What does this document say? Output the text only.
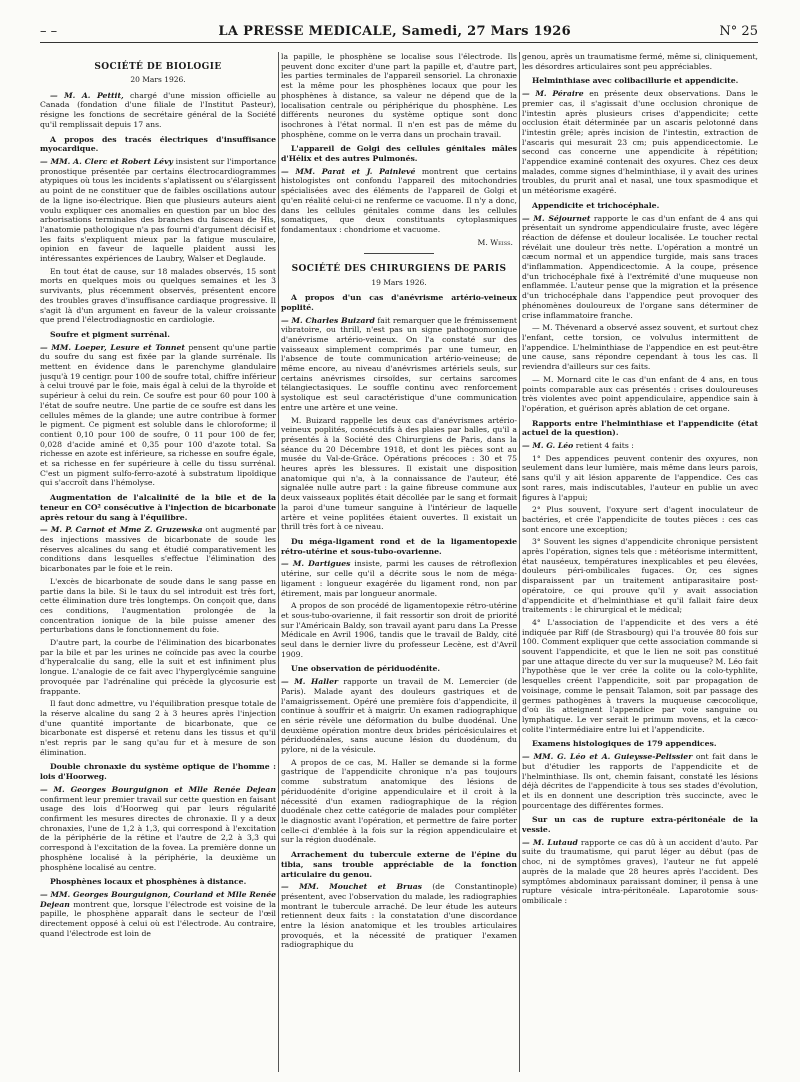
– –	LA PRESSE MEDICALE, Samedi, 27 Mars 1926	N° 25
SOCIÉTÉ DE BIOLOGIE
20 Mars 1926.

— M. A. Pettit, chargé d'une mission officielle au Canada (fondation d'une filiale de l'Institut Pasteur), résigne les fonctions de secrétaire général de la Société qu'il remplissait depuis 17 ans.

A propos des tracés électriques d'insuffisance myocardique.

— MM. A. Clerc et Robert Lévy insistent sur l'importance pronostique présentée par certains électrocardiogrammes atypiques où tous les incidents s'aplatissent ou s'élargissent au point de ne constituer que de faibles oscillations autour de la ligne iso-électrique. Bien que plusieurs auteurs aient voulu expliquer ces anomalies en question par un bloc des arborisations terminales des branches du faisceau de His, l'anatomie pathologique n'a pas fourni d'argument décisif et les faits s'expliquent mieux par la fatigue musculaire, opinion en faveur de laquelle plaident aussi les intéressantes expériences de Laubry, Walser et Deglaude.

En tout état de cause, sur 18 malades observés, 15 sont morts en quelques mois ou quelques semaines et les 3 survivants, plus récemment observés, présentent encore des troubles graves d'insuffisance cardiaque progressive. Il s'agit là d'un argument en faveur de la valeur croissante que prend l'électrodiagnostic en cardiologie.

Soufre et pigment surrénal.

— MM. Loeper, Lesure et Tonnet pensent qu'une partie du soufre du sang est fixée par la glande surrénale. Ils mettent en évidence dans le parenchyme glandulaire jusqu'à 19 centigr. pour 100 de soufre total, chiffre inférieur à celui trouvé par le foie, mais égal à celui de la thyroïde et supérieur à celui du rein. Ce soufre est pour 60 pour 100 à l'état de soufre neutre. Une partie de ce soufre est dans les cellules mêmes de la glande; une autre contribue à former le pigment. Ce pigment est soluble dans le chloroforme; il contient 0,10 pour 100 de soufre, 0 11 pour 100 de fer, 0,028 d'acide aminé et 0,35 pour 100 d'azote total. Sa richesse en azote est inférieure, sa richesse en soufre égale, et sa richesse en fer supérieure à celle du tissu surrénal. C'est un pigment sulfo-ferro-azoté à substratum lipoïdique qui s'accroît dans l'hémolyse.

Augmentation de l'alcalinité de la bile et de la teneur en CO² consécutive à l'injection de bicarbonate après retour du sang à l'équilibre.

— M. P. Carnot et Mme Z. Gruzewska ont augmenté par des injections massives de bicarbonate de soude les réserves alcalines du sang et étudié comparativement les conditions dans lesquelles s'effectue l'élimination des bicarbonates par le foie et le rein.

L'excès de bicarbonate de soude dans le sang passe en partie dans la bile. Si le taux du sel introduit est très fort, cette élimination dure très longtemps. On conçoit que, dans ces conditions, l'augmentation prolongée de la concentration ionique de la bile puisse amener des perturbations dans le fonctionnement du foie.

D'autre part, la courbe de l'élimination des bicarbonates par la bile et par les urines ne coïncide pas avec la courbe d'hyperalcalie du sang, elle la suit et est infiniment plus longue. L'analogie de ce fait avec l'hyperglycémie sanguine provoquée par l'adrénaline qui précède la glycosurie est frappante.

Il faut donc admettre, vu l'équilibration presque totale de la réserve alcaline du sang 2 à 3 heures après l'injection d'une quantité importante de bicarbonate, que ce bicarbonate est dispersé et retenu dans les tissus et qu'il n'est repris par le sang qu'au fur et à mesure de son élimination.

Double chronaxie du système optique de l'homme : lois d'Hoorweg.

— M. Georges Bourguignon et Mlle Renée Dejean confirment leur premier travail sur cette question en faisant usage des lois d'Hoorweg qui par leurs régularité confirment les mesures directes de chronaxie. Il y a deux chronaxies, l'une de 1,2 à 1,3, qui correspond à l'excitation de la périphérie de la rétine et l'autre de 2,2 à 3,3 qui correspond à l'excitation de la fovea. La première donne un phosphène localisé à la périphérie, la deuxième un phosphène localisé au centre.

Phosphènes locaux et phosphènes à distance.

— MM. Georges Bourguignon, Courland et Mlle Renée Dejean montrent que, lorsque l'électrode est voisine de la papille, le phosphène apparaît dans le secteur de l'œil directement opposé à celui où est l'électrode. Au contraire, quand l'électrode est loin de

la papille, le phosphène se localise sous l'électrode. Ils peuvent donc exciter d'une part la papille et, d'autre part, les parties terminales de l'appareil sensoriel. La chronaxie est la même pour les phosphènes locaux que pour les phosphènes à distance, sa valeur ne dépend que de la localisation centrale ou périphérique du phosphène. Les différents neurones du système optique sont donc isochrones à l'état normal. Il n'en est pas de même du phosphène, comme on le verra dans un prochain travail.

L'appareil de Golgi des cellules génitales mâles d'Hélix et des autres Pulmonés.

— MM. Parat et J. Painlevé montrent que certains histologistes ont confondu l'appareil des mitochondries spécialisées avec des éléments de l'appareil de Golgi et qu'en réalité celui-ci ne renferme ce vacuome. Il n'y a donc, dans les cellules génitales comme dans les cellules somatiques, que deux constituants cytoplasmiques fondamentaux : chondriome et vacuome.

M. Weiss.
SOCIÉTÉ DES CHIRURGIENS DE PARIS
19 Mars 1926.

A propos d'un cas d'anévrisme artério-veineux poplité.

— M. Charles Buizard fait remarquer que le frémissement vibratoire, ou thrill, n'est pas un signe pathognomonique d'anévrisme artério-veineux. On l'a constaté sur des vaisseaux simplement comprimés par une tumeur, en l'absence de toute communication artério-veineuse; de même encore, au niveau d'anévrismes artériels seuls, sur certains anévrismes cirsoïdes, sur certains sarcomes télangiectasiques. Le souffle continu avec renforcement systolique est seul caractéristique d'une communication entre une artère et une veine.

M. Buizard rappelle les deux cas d'anévrismes artério-veineux poplités, consécutifs à des plaies par balles, qu'il a présentés à la Société des Chirurgiens de Paris, dans la séance du 20 Décembre 1918, et dont les pièces sont au musée du Val-de-Grâce. Opérations précoces : 30 et 75 heures après les blessures. Il existait une disposition anatomique qui n'a, à la connaissance de l'auteur, été signalée nulle autre part : la gaine fibreuse commune aux deux vaisseaux poplités était décollée par le sang et formait la paroi d'une tumeur sanguine à l'intérieur de laquelle artère et veine poplitées étaient ouvertes. Il existait un thrill très fort à ce niveau.

Du méga-ligament rond et de la ligamentopexie rétro-utérine et sous-tubo-ovarienne.

— M. Dartigues insiste, parmi les causes de rétroflexion utérine, sur celle qu'il a décrite sous le nom de méga-ligament : longueur exagérée du ligament rond, non par étirement, mais par longueur anormale.

A propos de son procédé de ligamentopexie rétro-utérine et sous-tubo-ovarienne, il fait ressortir son droit de priorité sur l'Américain Baldy, son travail ayant paru dans La Presse Médicale en Avril 1906, tandis que le travail de Baldy, cité seul dans le dernier livre du professeur Lecène, est d'Avril 1909.

Une observation de périduodénite.

— M. Haller rapporte un travail de M. Lemercier (de Paris). Malade ayant des douleurs gastriques et de l'amaigrissement. Opéré une première fois d'appendicite, il continue à souffrir et à maigrir. Un examen radiographique en série révèle une déformation du bulbe duodénal. Une deuxième opération montre deux brides péricésiculaires et périduodénales, sans aucune lésion du duodénum, du pylore, ni de la vésicule.

A propos de ce cas, M. Haller se demande si la forme gastrique de l'appendicite chronique n'a pas toujours comme substratum anatomique des lésions de périduodénite d'origine appendiculaire et il croit à la nécessité d'un examen radiographique de la région duodénale chez cette catégorie de malades pour compléter le diagnostic avant l'opération, et permettre de faire porter celle-ci d'emblée à la fois sur la région appendiculaire et sur la région duodénale.

Arrachement du tubercule externe de l'épine du tibia, sans trouble appréciable de la fonction articulaire du genou.

— MM. Mouchet et Bruas (de Constantinople) présentent, avec l'observation du malade, les radiographies montrant le tubercule arraché. De leur étude les auteurs retiennent deux faits : la constatation d'une discordance entre la lésion anatomique et les troubles articulaires provoqués, et la nécessité de pratiquer l'examen radiographique du

genou, après un traumatisme fermé, même si, cliniquement, les désordres articulaires sont peu appréciables.

Helminthiase avec colibacillurie et appendicite.

— M. Péraire en présente deux observations. Dans le premier cas, il s'agissait d'une occlusion chronique de l'intestin après plusieurs crises d'appendicite; cette occlusion était déterminée par un ascaris pelotonné dans l'intestin grêle; après incision de l'intestin, extraction de l'ascaris qui mesurait 23 cm; puis appendicectomie. Le second cas concerne une appendicite à répétition; l'appendice examiné contenait des oxyures. Chez ces deux malades, comme signes d'helminthiase, il y avait des urines troubles, du prurit anal et nasal, une toux spasmodique et un météorisme exagéré.

Appendicite et trichocéphale.

— M. Séjournet rapporte le cas d'un enfant de 4 ans qui présentait un syndrome appendiculaire fruste, avec légère réaction de défense et douleur localisée. Le toucher rectal révélait une douleur très nette. L'opération a montré un cæcum normal et un appendice turgide, mais sans traces d'inflammation. Appendicectomie. A la coupe, présence d'un trichocéphale fixé à l'extrémité d'une muqueuse non enflammée. L'auteur pense que la migration et la présence d'un trichocéphale dans l'appendice peut provoquer des phénomènes douloureux de l'organe sans déterminer de crise inflammatoire franche.

— M. Thévenard a observé assez souvent, et surtout chez l'enfant, cette torsion, ce volvulus intermittent de l'appendice. L'helminthiase de l'appendice en est peut-être une cause, sans répondre cependant à tous les cas. Il reviendra d'ailleurs sur ces faits.

— M. Mornard cite le cas d'un enfant de 4 ans, en tous points comparable aux cas présentés : crises douloureuses très violentes avec point appendiculaire, appendice sain à l'opération, et guérison après ablation de cet organe.

Rapports entre l'helminthiase et l'appendicite (état actuel de la question).

— M. G. Léo retient 4 faits :

1° Des appendices peuvent contenir des oxyures, non seulement dans leur lumière, mais même dans leurs parois, sans qu'il y ait lésion apparente de l'appendice. Ces cas sont rares, mais indiscutables, l'auteur en publie un avec figures à l'appui;

2° Plus souvent, l'oxyure sert d'agent inoculateur de bactéries, et crée l'appendicite de toutes pièces : ces cas sont encore une exception;

3° Souvent les signes d'appendicite chronique persistent après l'opération, signes tels que : météorisme intermittent, état nauséeux, températures inexplicables et peu élevées, douleurs péri-ombilicales fugaces. Or, ces signes disparaissent par un traitement antiparasitaire post-opératoire, ce qui prouve qu'il y avait association d'appendicite et d'helminthiase et qu'il fallait faire deux traitements : le chirurgical et le médical;

4° L'association de l'appendicite et des vers a été indiquée par Riff (de Strasbourg) qui l'a trouvée 80 fois sur 100. Comment expliquer que cette association commande si souvent l'appendicite, et que le lien ne soit pas constitué par une attaque directe du ver sur la muqueuse? M. Léo fait l'hypothèse que le ver crée la colite ou la colo-typhlite, lesquelles créent l'appendicite, soit par propagation de voisinage, comme le pensait Talamon, soit par passage des germes pathogènes à travers la muqueuse cæcocolique, d'où ils atteignent l'appendice par voie sanguine ou lymphatique. Le ver serait le primum movens, et la cæco-colite l'intermédiaire entre lui et l'appendicite.

Examens histologiques de 179 appendices.

— MM. G. Léo et A. Guieysse-Pelissier ont fait dans le but d'étudier les rapports de l'appendicite et de l'helminthiase. Ils ont, chemin faisant, constaté les lésions déjà décrites de l'appendicite à tous ses stades d'évolution, et ils en donnent une description très succincte, avec le pourcentage des différentes formes.

Sur un cas de rupture extra-péritonéale de la vessie.

— M. Lutaud rapporte ce cas dû à un accident d'auto. Par suite du traumatisme, qui parut léger au début (pas de choc, ni de symptômes graves), l'auteur ne fut appelé auprès de la malade que 28 heures après l'accident. Des symptômes abdominaux paraissant dominer, il pensa à une rupture vésicale intra-péritonéale. Laparotomie sous-ombilicale :
